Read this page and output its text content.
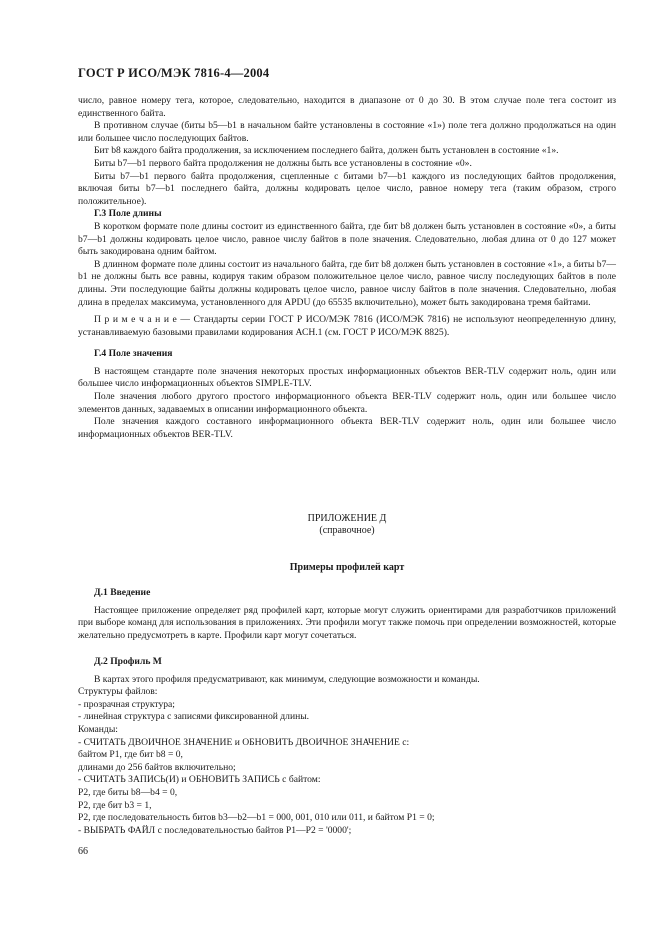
ГОСТ Р ИСО/МЭК 7816-4—2004

число, равное номеру тега, которое, следовательно, находится в диапазоне от 0 до 30. В этом случае поле тега состоит из единственного байта.

В противном случае (биты b5—b1 в начальном байте установлены в состояние «1») поле тега должно продолжаться на один или большее число последующих байтов.

Бит b8 каждого байта продолжения, за исключением последнего байта, должен быть установлен в состояние «1».

Биты b7—b1 первого байта продолжения не должны быть все установлены в состояние «0».

Биты b7—b1 первого байта продолжения, сцепленные с битами b7—b1 каждого из последующих байтов продолжения, включая биты b7—b1 последнего байта, должны кодировать целое число, равное номеру тега (таким образом, строго положительное).

Г.3 Поле длины

В коротком формате поле длины состоит из единственного байта, где бит b8 должен быть установлен в состояние «0», а биты b7—b1 должны кодировать целое число, равное числу байтов в поле значения. Следовательно, любая длина от 0 до 127 может быть закодирована одним байтом.

В длинном формате поле длины состоит из начального байта, где бит b8 должен быть установлен в состояние «1», а биты b7—b1 не должны быть все равны, кодируя таким образом положительное целое число, равное числу последующих байтов в поле длины. Эти последующие байты должны кодировать целое число, равное числу байтов в поле значения. Следовательно, любая длина в пределах максимума, установленного для APDU (до 65535 включительно), может быть закодирована тремя байтами.

П р и м е ч а н и е — Стандарты серии ГОСТ Р ИСО/МЭК 7816 (ИСО/МЭК 7816) не используют неопределенную длину, устанавливаемую базовыми правилами кодирования АСН.1 (см. ГОСТ Р ИСО/МЭК 8825).

Г.4 Поле значения

В настоящем стандарте поле значения некоторых простых информационных объектов BER-TLV содержит ноль, один или большее число информационных объектов SIMPLE-TLV.

Поле значения любого другого простого информационного объекта BER-TLV содержит ноль, один или большее число элементов данных, задаваемых в описании информационного объекта.

Поле значения каждого составного информационного объекта BER-TLV содержит ноль, один или большее число информационных объектов BER-TLV.

ПРИЛОЖЕНИЕ Д
(справочное)
Примеры профилей карт

Д.1 Введение

Настоящее приложение определяет ряд профилей карт, которые могут служить ориентирами для разработчиков приложений при выборе команд для использования в приложениях. Эти профили могут также помочь при определении возможностей, которые желательно предусмотреть в карте. Профили карт могут сочетаться.

Д.2 Профиль М

В картах этого профиля предусматривают, как минимум, следующие возможности и команды.

Структуры файлов:

- прозрачная структура;

- линейная структура с записями фиксированной длины.

Команды:

- СЧИТАТЬ ДВОИЧНОЕ ЗНАЧЕНИЕ и ОБНОВИТЬ ДВОИЧНОЕ ЗНАЧЕНИЕ с:

байтом Р1, где бит b8 = 0,

длинами до 256 байтов включительно;

- СЧИТАТЬ ЗАПИСЬ(И) и ОБНОВИТЬ ЗАПИСЬ с байтом:

Р2, где биты b8—b4 = 0,

Р2, где бит b3 = 1,

Р2, где последовательность битов b3—b2—b1 = 000, 001, 010 или 011, и байтом Р1 = 0;

- ВЫБРАТЬ ФАЙЛ с последовательностью байтов Р1—Р2 = '0000';

66
